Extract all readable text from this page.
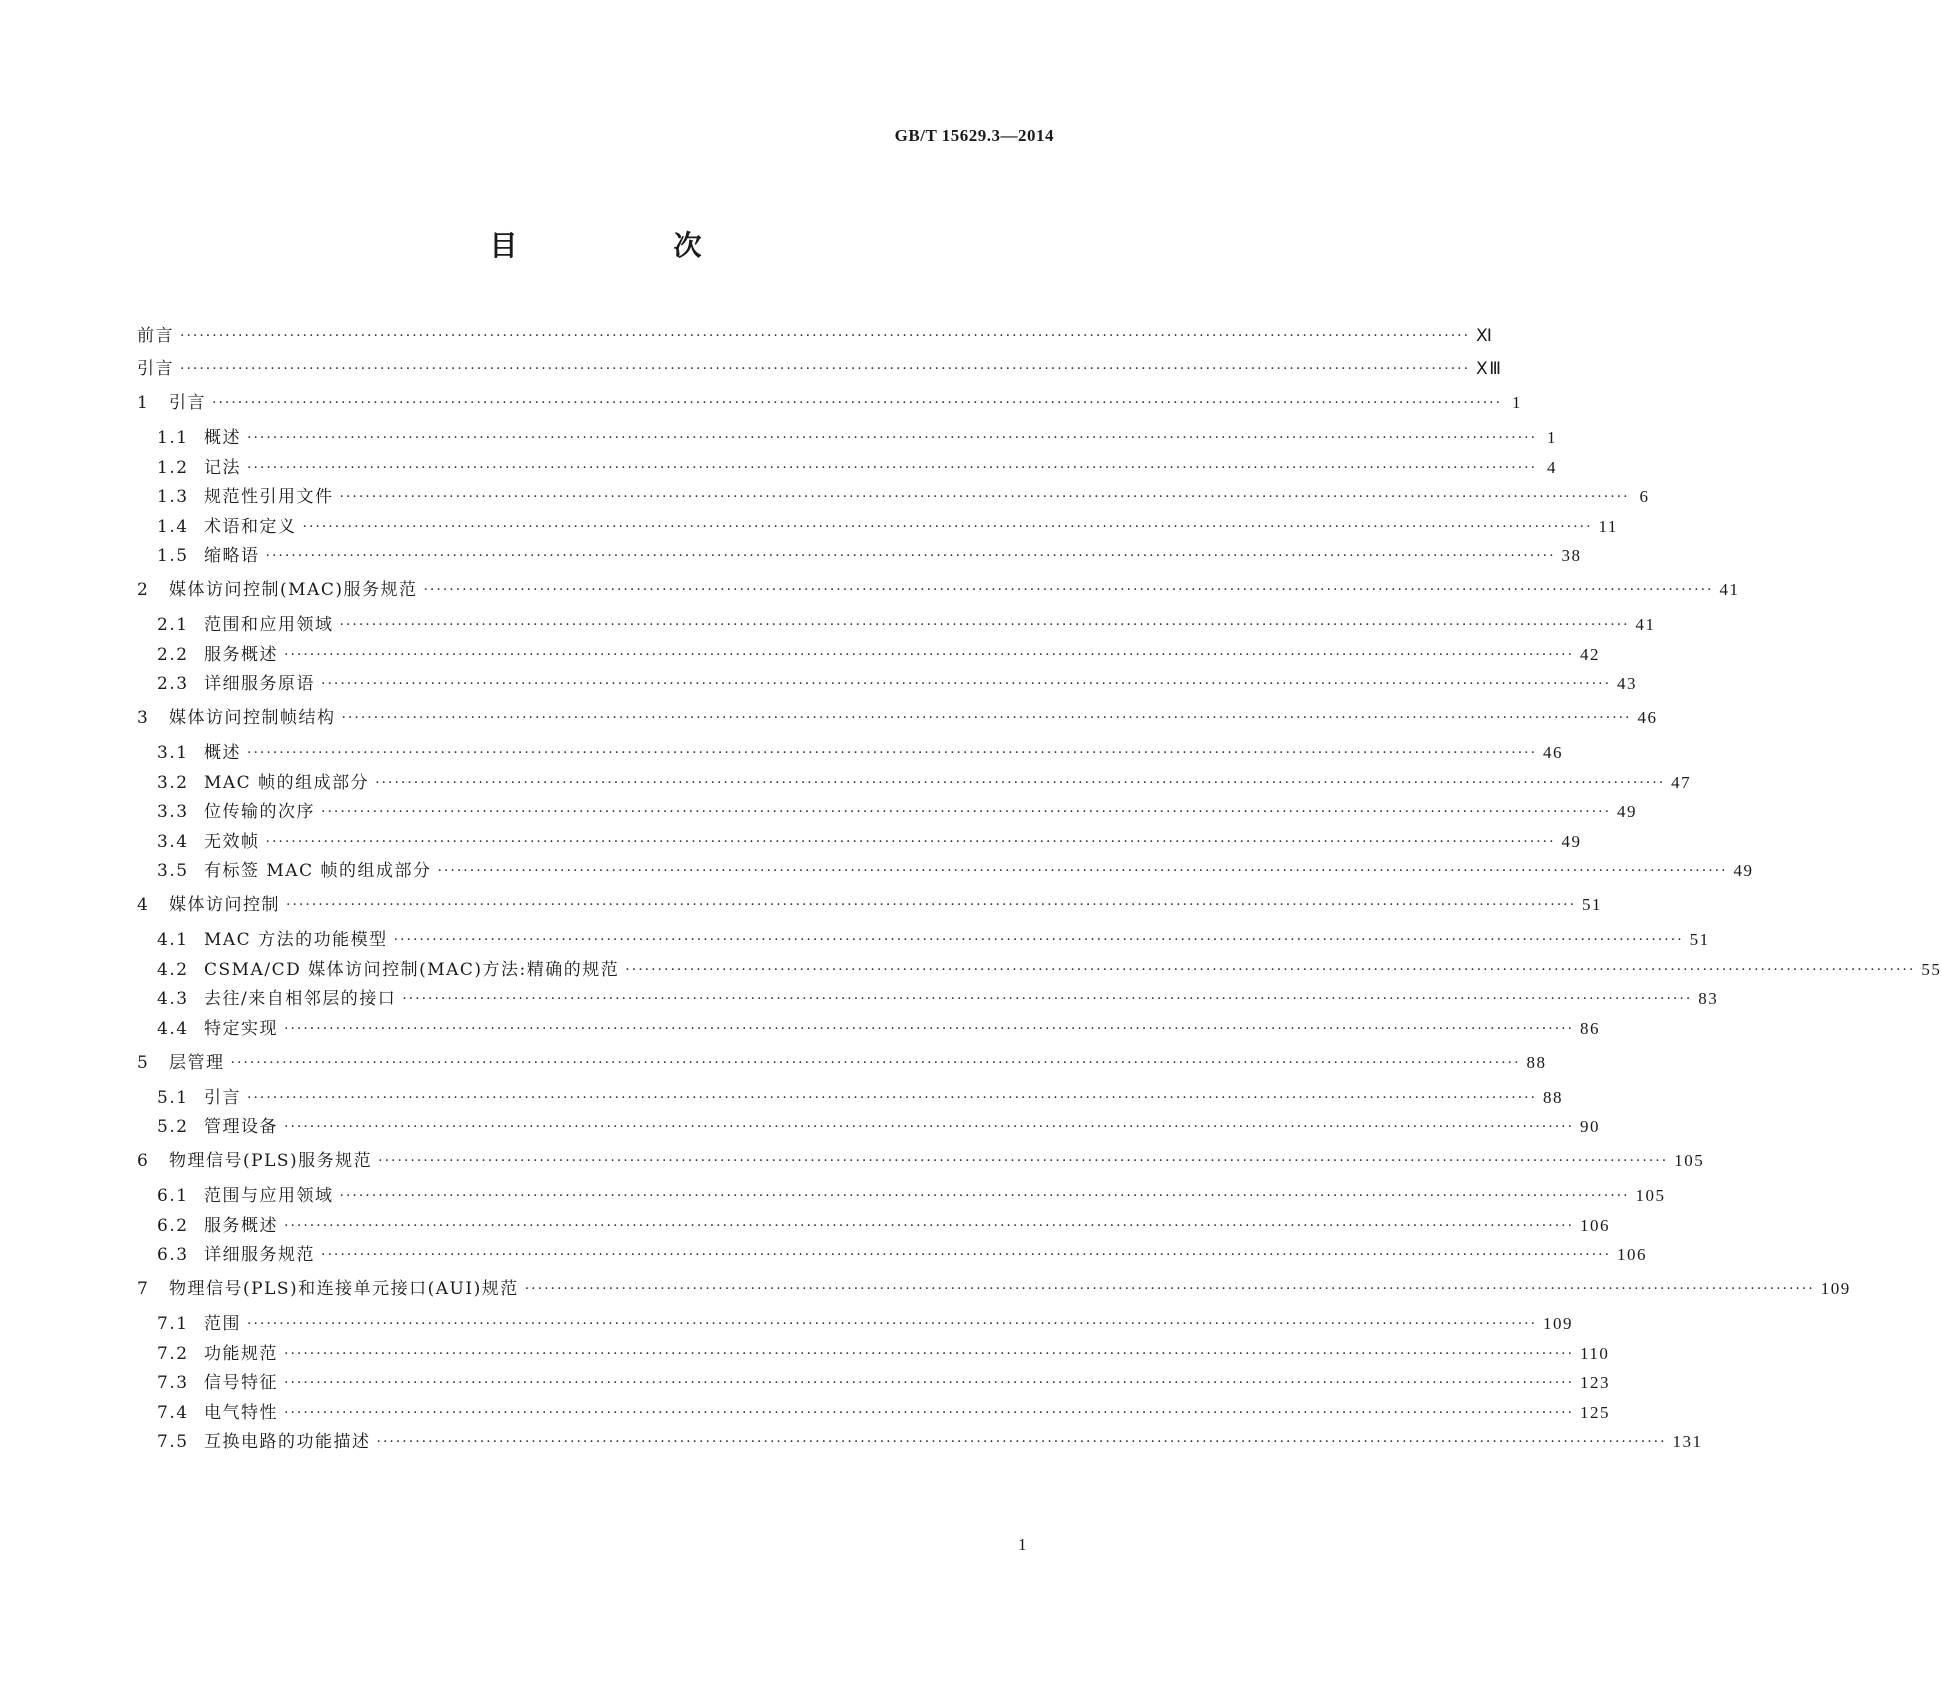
GB/T 15629.3—2014
目　次
前言 ········································································································································································································ Ⅺ
引言 ········································································································································································································ ⅩⅢ
1	引言 ········································································································································································································ 1
1.1 概述 ········································································································································································································ 1
1.2 记法 ········································································································································································································ 4
1.3 规范性引用文件 ········································································································································································································ 6
1.4 术语和定义 ········································································································································································································ 11
1.5 缩略语 ········································································································································································································ 38
2	媒体访问控制(MAC)服务规范 ········································································································································································································ 41
2.1 范围和应用领域 ········································································································································································································ 41
2.2 服务概述 ········································································································································································································ 42
2.3 详细服务原语 ········································································································································································································ 43
3	媒体访问控制帧结构 ········································································································································································································ 46
3.1 概述 ········································································································································································································ 46
3.2 MAC 帧的组成部分 ········································································································································································································ 47
3.3 位传输的次序 ········································································································································································································ 49
3.4 无效帧 ········································································································································································································ 49
3.5 有标签 MAC 帧的组成部分 ········································································································································································································ 49
4	媒体访问控制 ········································································································································································································ 51
4.1 MAC 方法的功能模型 ········································································································································································································ 51
4.2 CSMA/CD 媒体访问控制(MAC)方法:精确的规范 ········································································································································································································ 55
4.3 去往/来自相邻层的接口 ········································································································································································································ 83
4.4 特定实现 ········································································································································································································ 86
5	层管理 ········································································································································································································ 88
5.1 引言 ········································································································································································································ 88
5.2 管理设备 ········································································································································································································ 90
6	物理信号(PLS)服务规范 ········································································································································································································ 105
6.1 范围与应用领域 ········································································································································································································ 105
6.2 服务概述 ········································································································································································································ 106
6.3 详细服务规范 ········································································································································································································ 106
7	物理信号(PLS)和连接单元接口(AUI)规范 ········································································································································································································ 109
7.1 范围 ········································································································································································································ 109
7.2 功能规范 ········································································································································································································ 110
7.3 信号特征 ········································································································································································································ 123
7.4 电气特性 ········································································································································································································ 125
7.5 互换电路的功能描述 ········································································································································································································ 131
1
